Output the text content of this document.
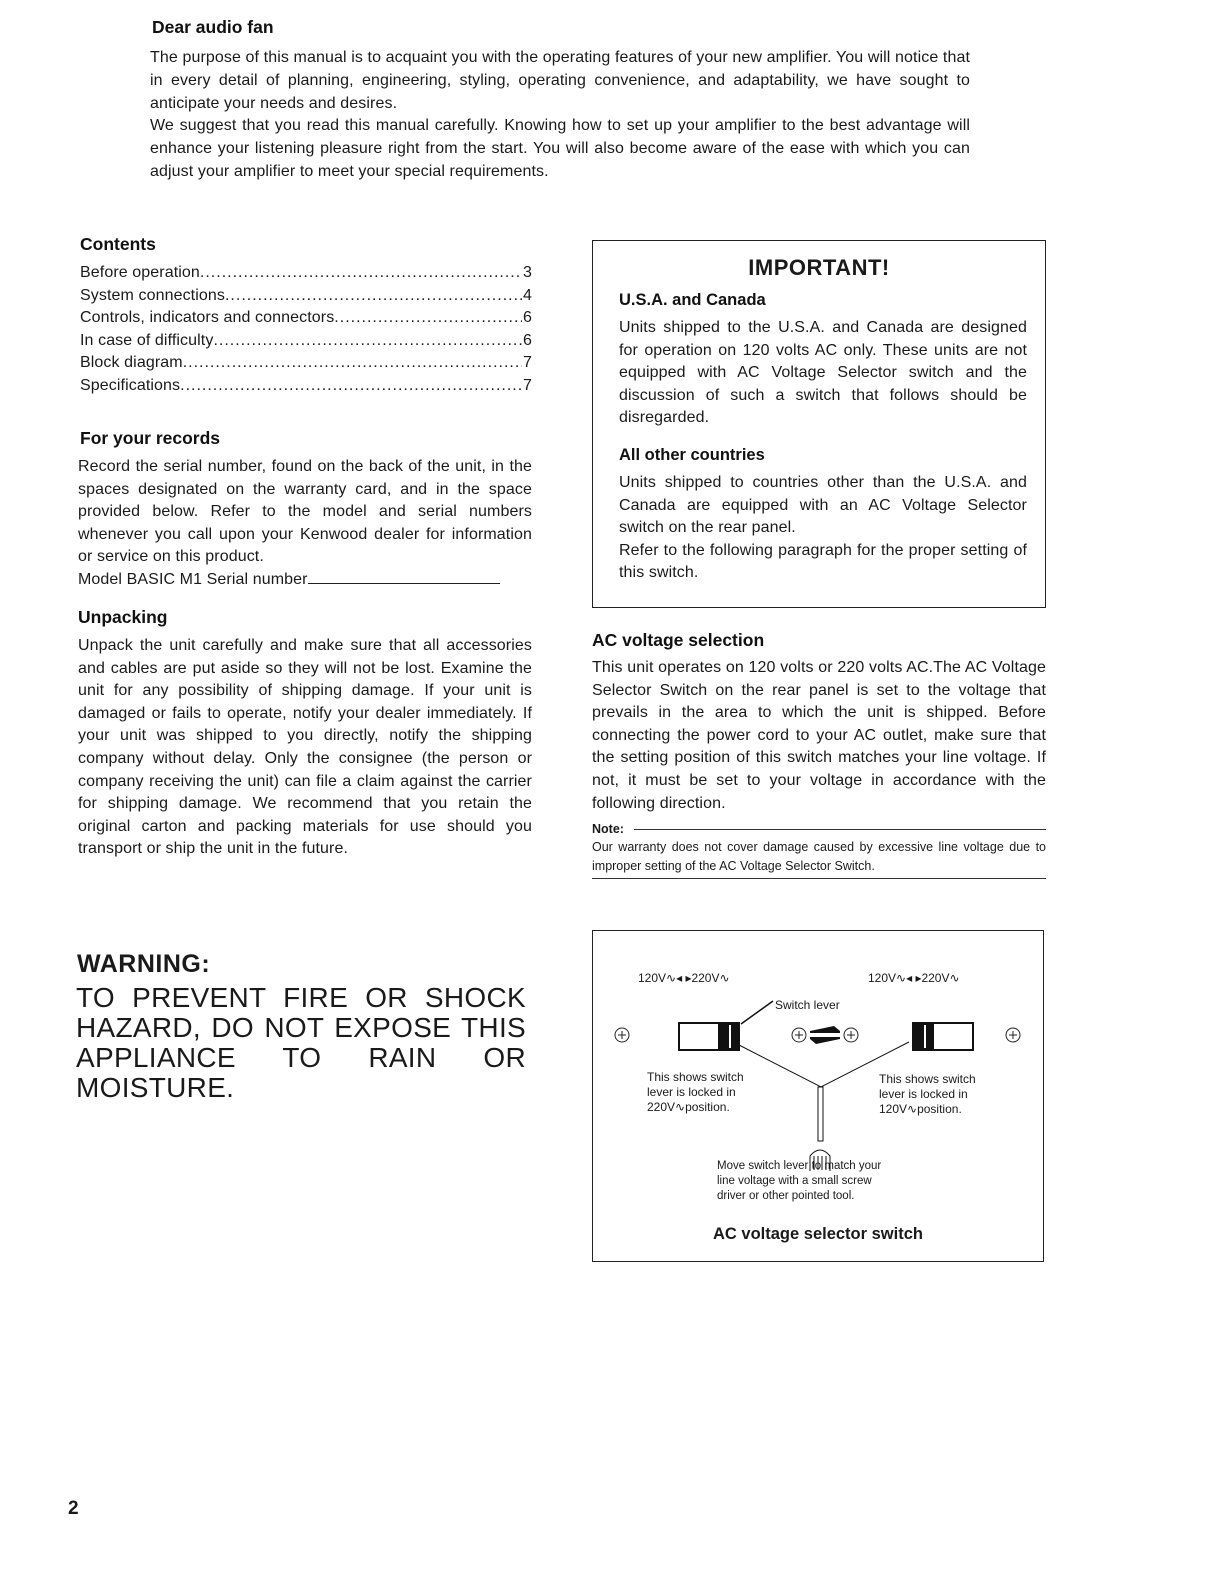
Dear audio fan

The purpose of this manual is to acquaint you with the operating features of your new amplifier. You will notice that in every detail of planning, engineering, styling, operating convenience, and adaptability, we have sought to anticipate your needs and desires.

We suggest that you read this manual carefully. Knowing how to set up your amplifier to the best advantage will enhance your listening pleasure right from the start. You will also become aware of the ease with which you can adjust your amplifier to meet your special requirements.

Contents
Before operation .....	3
System connections .....	4
Controls, indicators and connectors .....	6
In case of difficulty .....	6
Block diagram .....	7
Specifications .....	7
For your records

Record the serial number, found on the back of the unit, in the spaces designated on the warranty card, and in the space provided below. Refer to the model and serial numbers whenever you call upon your Kenwood dealer for information or service on this product.

Model BASIC M1 Serial number

Unpacking

Unpack the unit carefully and make sure that all accessories and cables are put aside so they will not be lost. Examine the unit for any possibility of shipping damage. If your unit is damaged or fails to operate, notify your dealer immediately. If your unit was shipped to you directly, notify the shipping company without delay. Only the consignee (the person or company receiving the unit) can file a claim against the carrier for shipping damage. We recommend that you retain the original carton and packing materials for use should you transport or ship the unit in the future.

IMPORTANT!
U.S.A. and Canada

Units shipped to the U.S.A. and Canada are designed for operation on 120 volts AC only. These units are not equipped with AC Voltage Selector switch and the discussion of such a switch that follows should be disregarded.

All other countries

Units shipped to countries other than the U.S.A. and Canada are equipped with an AC Voltage Selector switch on the rear panel.

Refer to the following paragraph for the proper setting of this switch.

AC voltage selection

This unit operates on 120 volts or 220 volts AC.The AC Voltage Selector Switch on the rear panel is set to the voltage that prevails in the area to which the unit is shipped. Before connecting the power cord to your AC outlet, make sure that the setting position of this switch matches your line voltage. If not, it must be set to your voltage in accordance with the following direction.

Note:

Our warranty does not cover damage caused by excessive line voltage due to improper setting of the AC Voltage Selector Switch.

120V∿◂ ▸220V∿	120V∿◂ ▸220V∿
Switch lever
This shows switch
lever is locked in
220V∿position.
This shows switch
lever is locked in
120V∿position.
Move switch lever to match your
line voltage with a small screw
driver or other pointed tool.
AC voltage selector switch
WARNING:

TO PREVENT FIRE OR SHOCK HAZARD, DO NOT EXPOSE THIS APPLIANCE TO RAIN OR MOISTURE.

2
